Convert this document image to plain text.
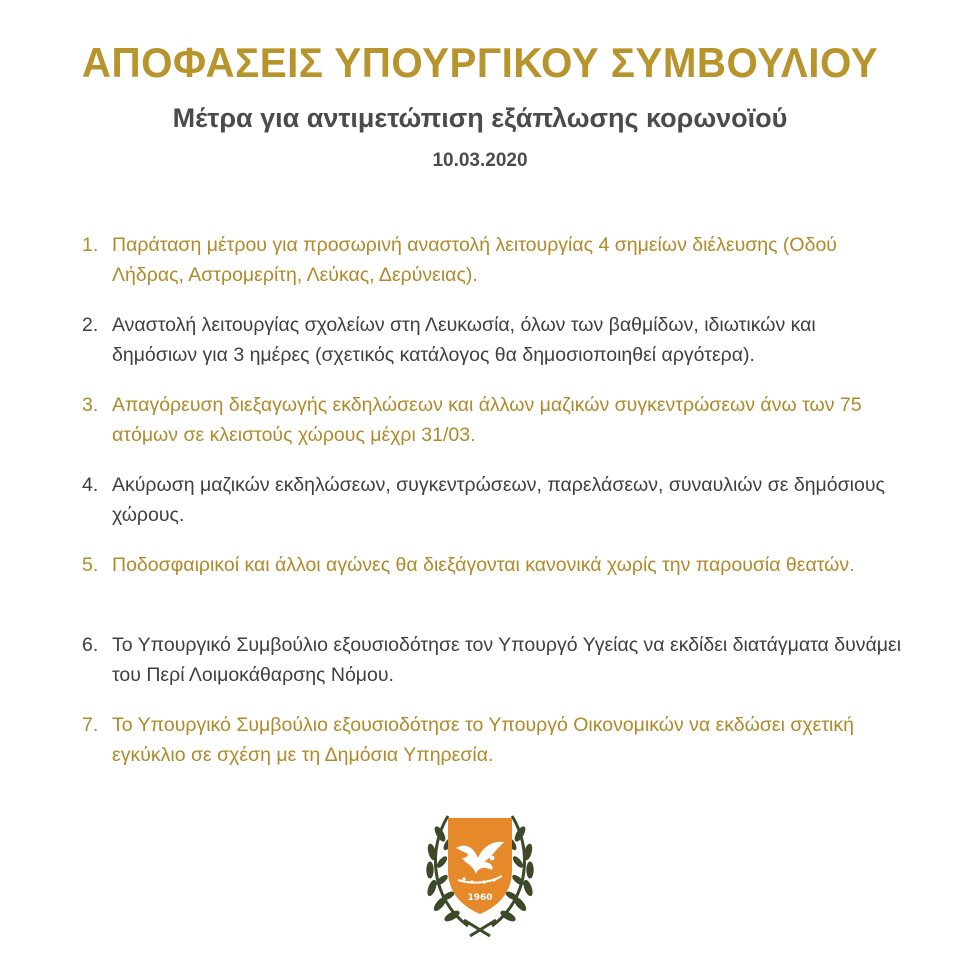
ΑΠΟΦΑΣΕΙΣ ΥΠΟΥΡΓΙΚΟΥ ΣΥΜΒΟΥΛΙΟΥ
Μέτρα για αντιμετώπιση εξάπλωσης κορωνοϊού
10.03.2020
1. Παράταση μέτρου για προσωρινή αναστολή λειτουργίας 4 σημείων διέλευσης (Οδού Λήδρας, Αστρομερίτη, Λεύκας, Δερύνειας).
2. Αναστολή λειτουργίας σχολείων στη Λευκωσία, όλων των βαθμίδων, ιδιωτικών και δημόσιων για 3 ημέρες (σχετικός κατάλογος θα δημοσιοποιηθεί αργότερα).
3. Απαγόρευση διεξαγωγής εκδηλώσεων και άλλων μαζικών συγκεντρώσεων άνω των 75 ατόμων σε κλειστούς χώρους μέχρι 31/03.
4. Ακύρωση μαζικών εκδηλώσεων, συγκεντρώσεων, παρελάσεων, συναυλιών σε δημόσιους χώρους.
5. Ποδοσφαιρικοί και άλλοι αγώνες θα διεξάγονται κανονικά χωρίς την παρουσία θεατών.
6. Το Υπουργικό Συμβούλιο εξουσιοδότησε τον Υπουργό Υγείας να εκδίδει διατάγματα δυνάμει του Περί Λοιμοκάθαρσης Νόμου.
7. Το Υπουργικό Συμβούλιο εξουσιοδότησε το Υπουργό Οικονομικών να εκδώσει σχετική εγκύκλιο σε σχέση με τη Δημόσια Υπηρεσία.
1960
